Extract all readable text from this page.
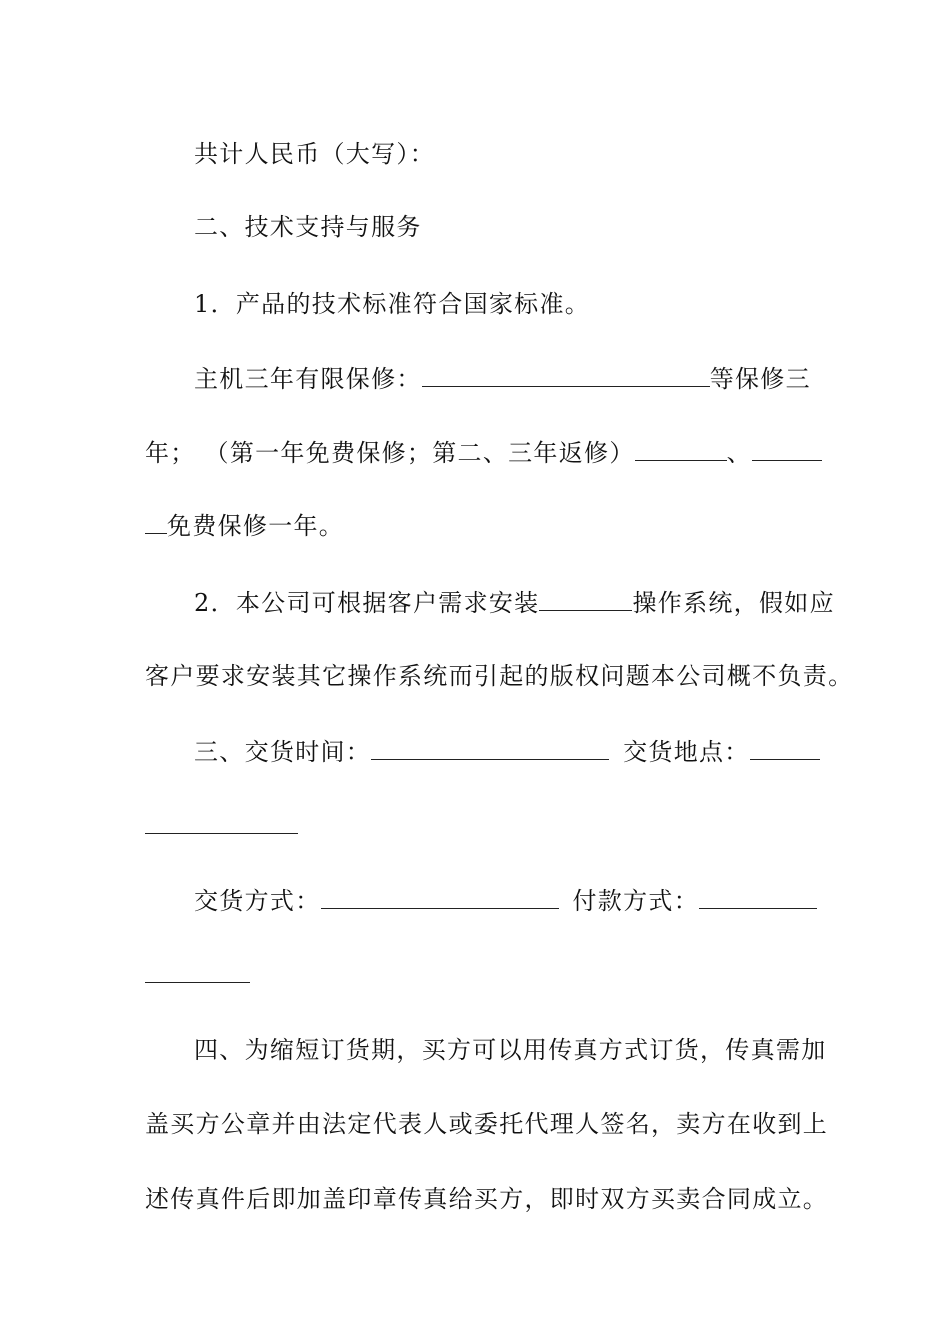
共计人民币（大写）：
二、技术支持与服务
1．产品的技术标准符合国家标准。
主机三年有限保修：	等保修三
年； （第一年免费保修；第二、三年返修）	、
免费保修一年。
2．本公司可根据客户需求安装	操作系统，假如应
客户要求安装其它操作系统而引起的版权问题本公司概不负责。
三、交货时间：	交货地点：
交货方式：	付款方式：
四、为缩短订货期，买方可以用传真方式订货，传真需加
盖买方公章并由法定代表人或委托代理人签名，卖方在收到上
述传真件后即加盖印章传真给买方，即时双方买卖合同成立。
